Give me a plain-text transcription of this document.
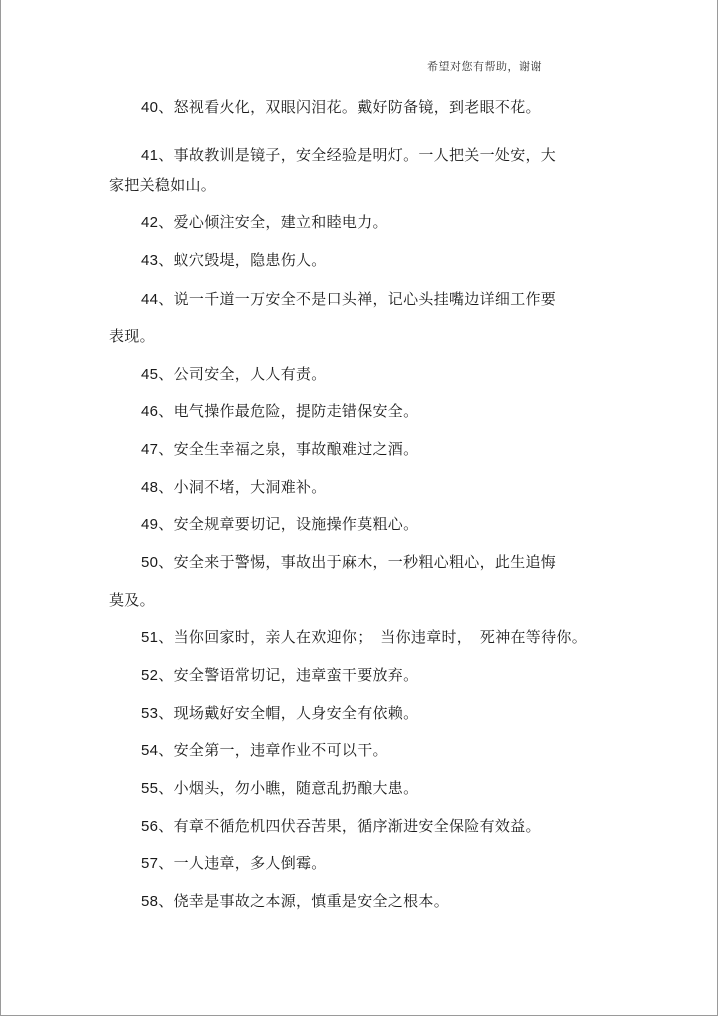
希望对您有帮助，谢谢
40、怒视看火化，双眼闪泪花。戴好防备镜，到老眼不花。
41、事故教训是镜子，安全经验是明灯。一人把关一处安，大
家把关稳如山。
42、爱心倾注安全，建立和睦电力。
43、蚁穴毁堤，隐患伤人。
44、说一千道一万安全不是口头禅，记心头挂嘴边详细工作要
表现。
45、公司安全，人人有责。
46、电气操作最危险，提防走错保安全。
47、安全生幸福之泉，事故酿难过之酒。
48、小洞不堵，大洞难补。
49、安全规章要切记，设施操作莫粗心。
50、安全来于警惕，事故出于麻木，一秒粗心粗心，此生追悔
莫及。
51、当你回家时，亲人在欢迎你；　当你违章时，　死神在等待你。
52、安全警语常切记，违章蛮干要放弃。
53、现场戴好安全帽，人身安全有依赖。
54、安全第一，违章作业不可以干。
55、小烟头，勿小瞧，随意乱扔酿大患。
56、有章不循危机四伏吞苦果，循序渐进安全保险有效益。
57、一人违章，多人倒霉。
58、侥幸是事故之本源，慎重是安全之根本。
